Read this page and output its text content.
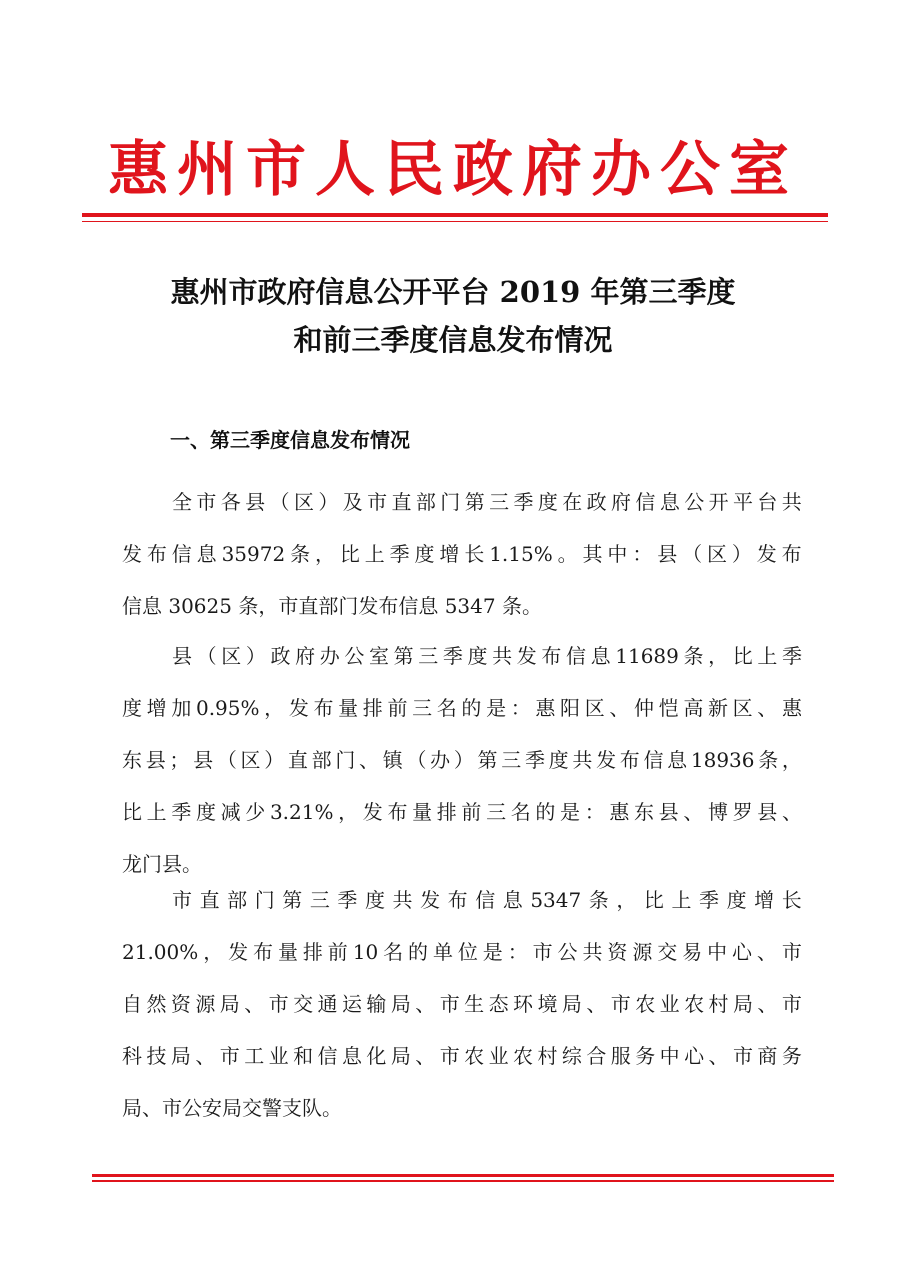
惠州市人民政府办公室
惠州市政府信息公开平台 2019 年第三季度
和前三季度信息发布情况
一、第三季度信息发布情况
全 市 各 县 （ 区 ） 及 市 直 部 门 第 三 季 度 在 政 府 信 息 公 开 平 台 共
发 布 信 息 35972 条 ， 比 上 季 度 增 长 1.15% 。 其 中 ： 县 （ 区 ） 发 布
信息 30625 条，市直部门发布信息 5347 条。
县 （ 区 ） 政 府 办 公 室 第 三 季 度 共 发 布 信 息 11689 条 ， 比 上 季
度 增 加 0.95% ， 发 布 量 排 前 三 名 的 是 ： 惠 阳 区 、 仲 恺 高 新 区 、 惠
东 县 ； 县 （ 区 ） 直 部 门 、 镇 （ 办 ） 第 三 季 度 共 发 布 信 息 18936 条 ，
比 上 季 度 减 少 3.21% ， 发 布 量 排 前 三 名 的 是 ： 惠 东 县 、 博 罗 县 、
龙门县。
市 直 部 门 第 三 季 度 共 发 布 信 息 5347 条 ， 比 上 季 度 增 长
21.00% ， 发 布 量 排 前 10 名 的 单 位 是 ： 市 公 共 资 源 交 易 中 心 、 市
自 然 资 源 局 、 市 交 通 运 输 局 、 市 生 态 环 境 局 、 市 农 业 农 村 局 、 市
科 技 局 、 市 工 业 和 信 息 化 局 、 市 农 业 农 村 综 合 服 务 中 心 、 市 商 务
局、市公安局交警支队。
